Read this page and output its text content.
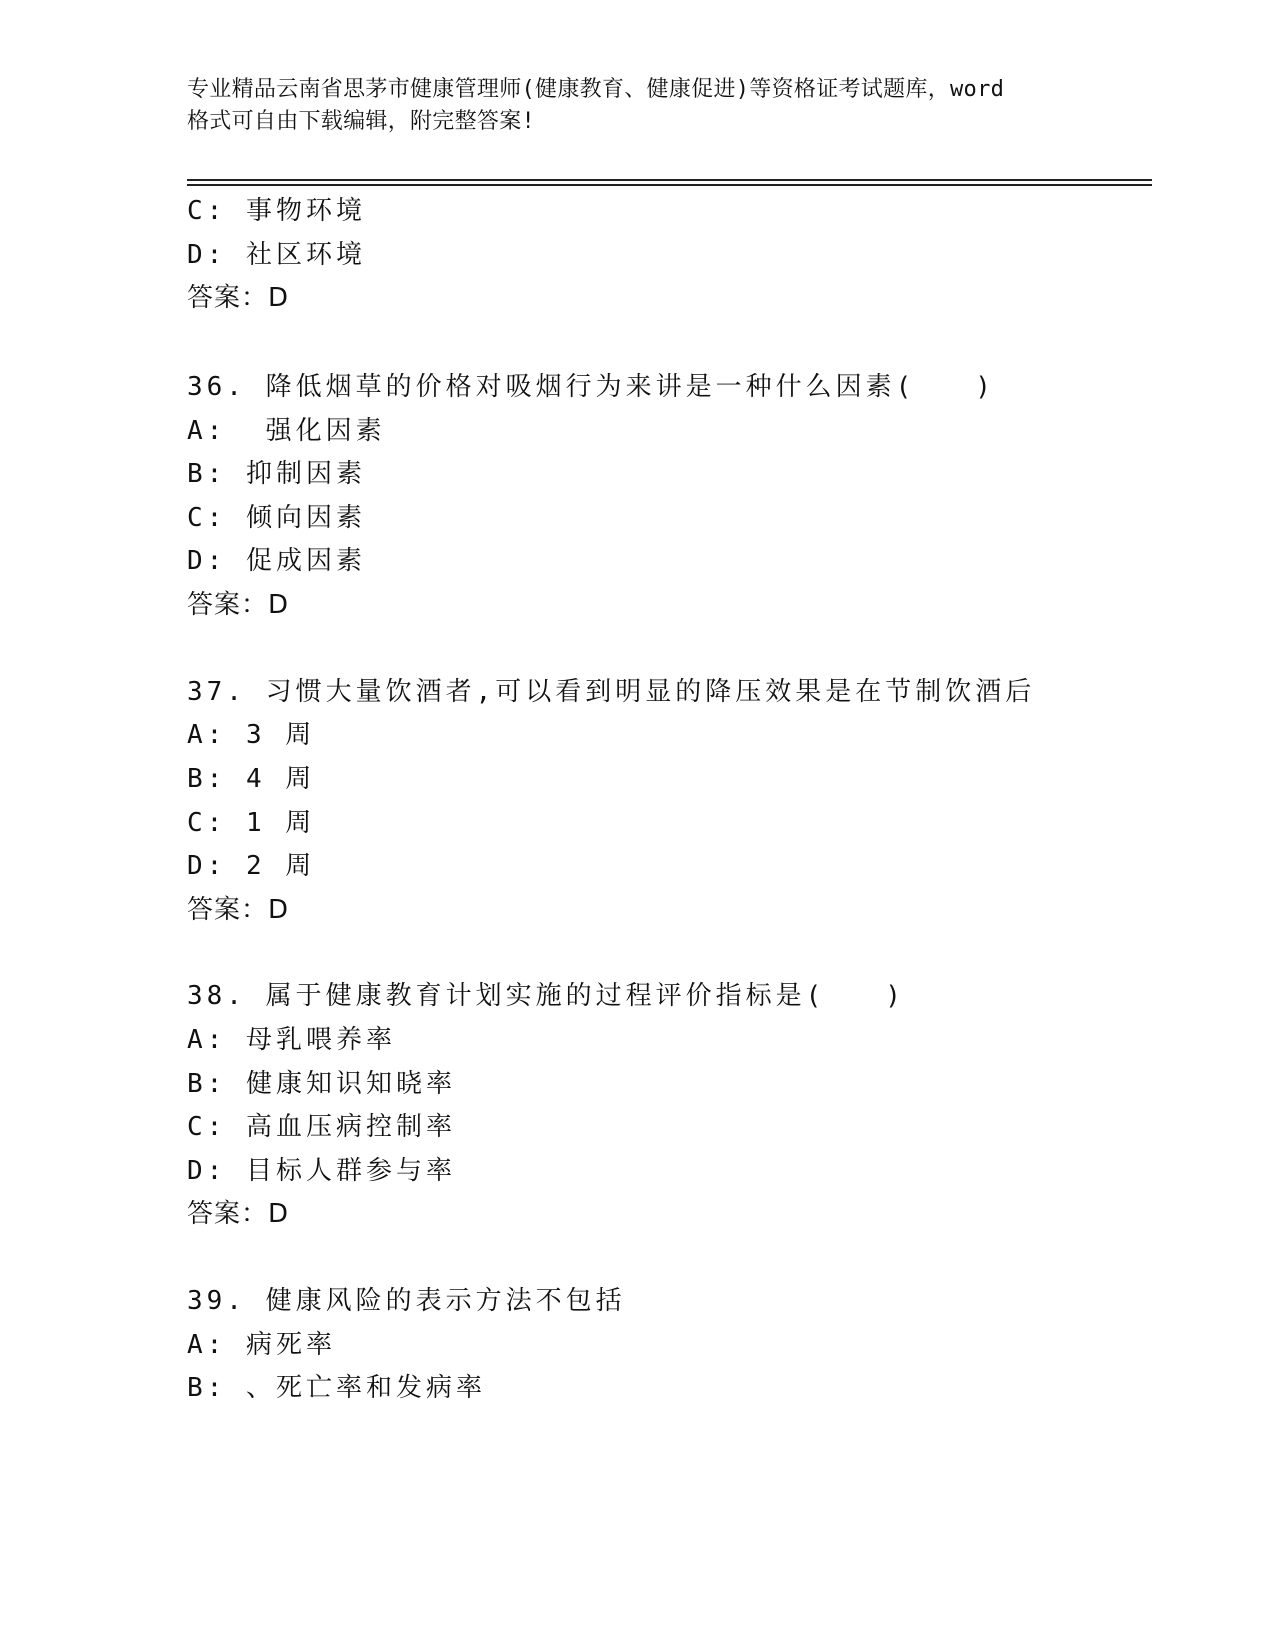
专业精品云南省思茅市健康管理师(健康教育、健康促进)等资格证考试题库，word
格式可自由下载编辑，附完整答案!
C: 事物环境
D: 社区环境
答案：D
36. 降低烟草的价格对吸烟行为来讲是一种什么因素(　　)
A:  强化因素
B: 抑制因素
C: 倾向因素
D: 促成因素
答案：D
37. 习惯大量饮酒者,可以看到明显的降压效果是在节制饮酒后
A: 3 周
B: 4 周
C: 1 周
D: 2 周
答案：D
38. 属于健康教育计划实施的过程评价指标是(　　)
A: 母乳喂养率
B: 健康知识知晓率
C: 高血压病控制率
D: 目标人群参与率
答案：D
39. 健康风险的表示方法不包括
A: 病死率
B: 、死亡率和发病率
